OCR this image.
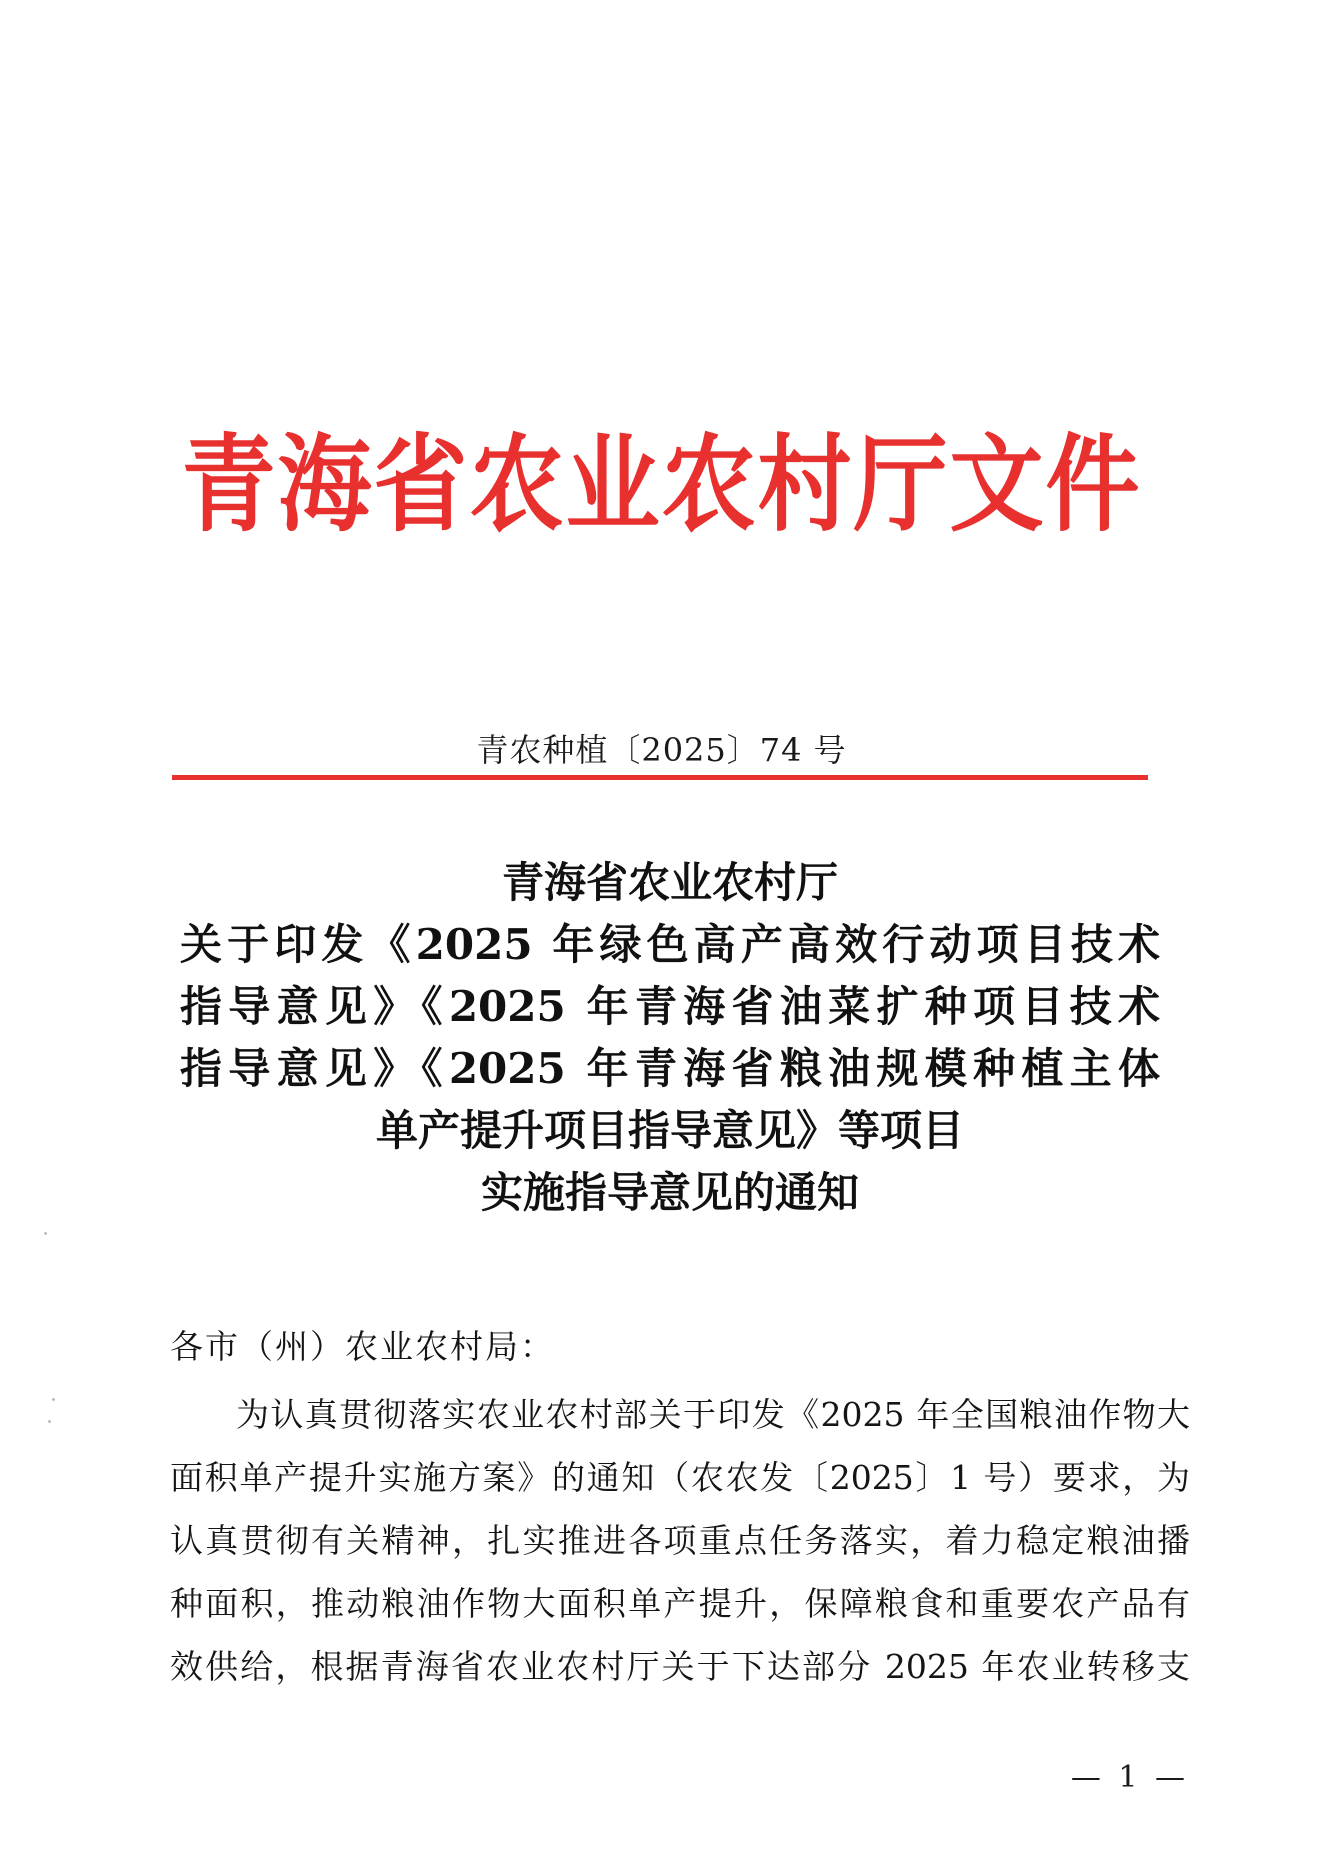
青海省农业农村厅文件
青农种植〔2025〕74 号
青海省农业农村厅
关于印发《2025 年绿色高产高效行动项目技术
指导意见》《2025 年青海省油菜扩种项目技术
指导意见》《2025 年青海省粮油规模种植主体
单产提升项目指导意见》等项目
实施指导意见的通知
各市（州）农业农村局：
为认真贯彻落实农业农村部关于印发《2025 年全国粮油作物大
面积单产提升实施方案》的通知（农农发〔2025〕1 号）要求，为
认真贯彻有关精神，扎实推进各项重点任务落实，着力稳定粮油播
种面积，推动粮油作物大面积单产提升，保障粮食和重要农产品有
效供给，根据青海省农业农村厅关于下达部分 2025 年农业转移支
— 1 —
